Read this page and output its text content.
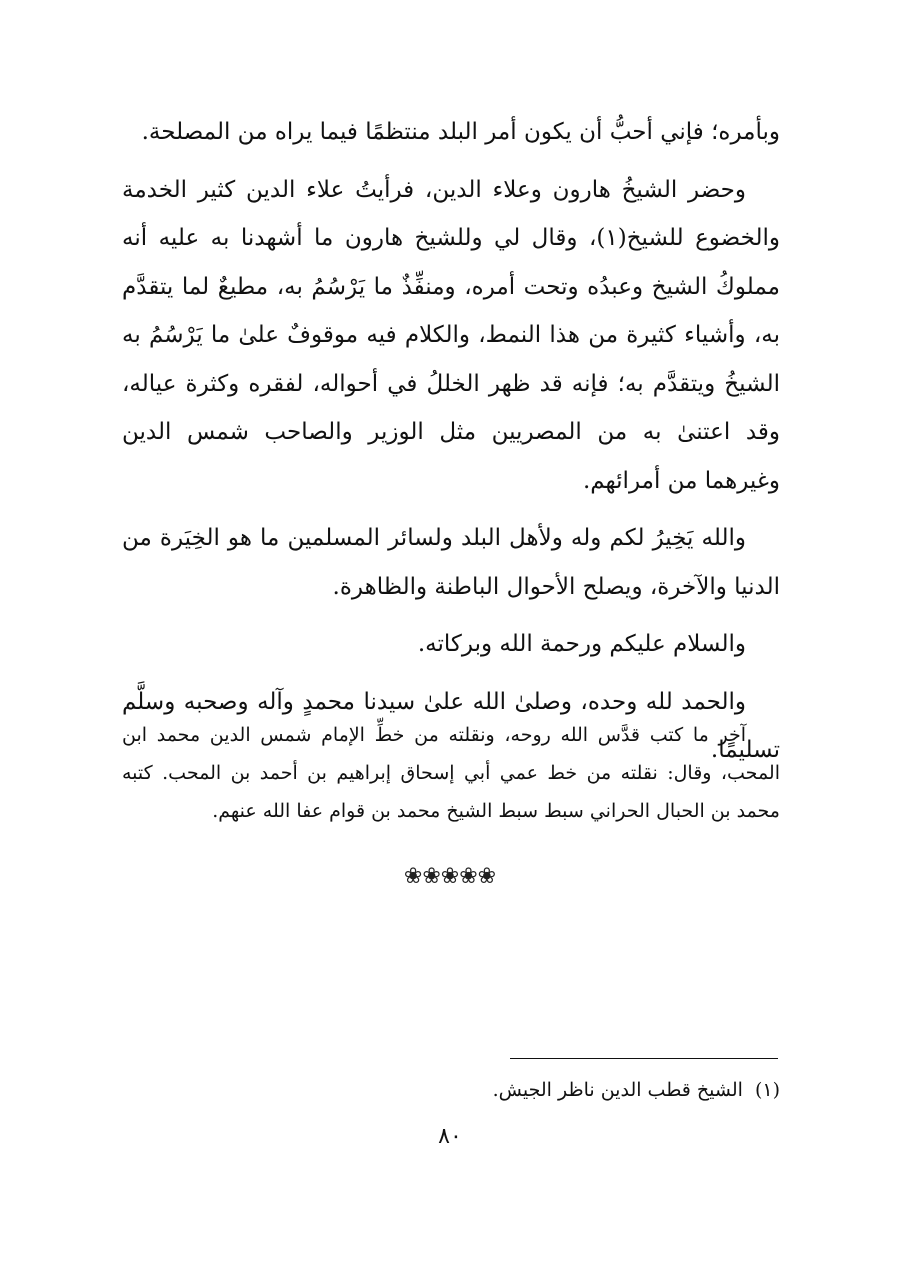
وبأمره؛ فإني أحبُّ أن يكون أمر البلد منتظمًا فيما يراه من المصلحة.

وحضر الشيخُ هارون وعلاء الدين، فرأيتُ علاء الدين كثير الخدمة والخضوع للشيخ(١)، وقال لي وللشيخ هارون ما أشهدنا به عليه أنه مملوكُ الشيخ وعبدُه وتحت أمره، ومنفِّذٌ ما يَرْسُمُ به، مطيعٌ لما يتقدَّم به، وأشياء كثيرة من هذا النمط، والكلام فيه موقوفٌ علىٰ ما يَرْسُمُ به الشيخُ ويتقدَّم به؛ فإنه قد ظهر الخللُ في أحواله، لفقره وكثرة عياله، وقد اعتنىٰ به من المصريين مثل الوزير والصاحب شمس الدين وغيرهما من أمرائهم.

والله يَخِيرُ لكم وله ولأهل البلد ولسائر المسلمين ما هو الخِيَرة من الدنيا والآخرة، ويصلح الأحوال الباطنة والظاهرة.

والسلام عليكم ورحمة الله وبركاته.

والحمد لله وحده، وصلىٰ الله علىٰ سيدنا محمدٍ وآله وصحبه وسلَّم تسليمًا.

آخر ما كتب قدَّس الله روحه، ونقلته من خطِّ الإمام شمس الدين محمد ابن المحب، وقال: نقلته من خط عمي أبي إسحاق إبراهيم بن أحمد بن المحب. كتبه محمد بن الحبال الحراني سبط سبط الشيخ محمد بن قوام عفا الله عنهم.
❀❀❀❀❀
(١)الشيخ قطب الدين ناظر الجيش.
٨٠
